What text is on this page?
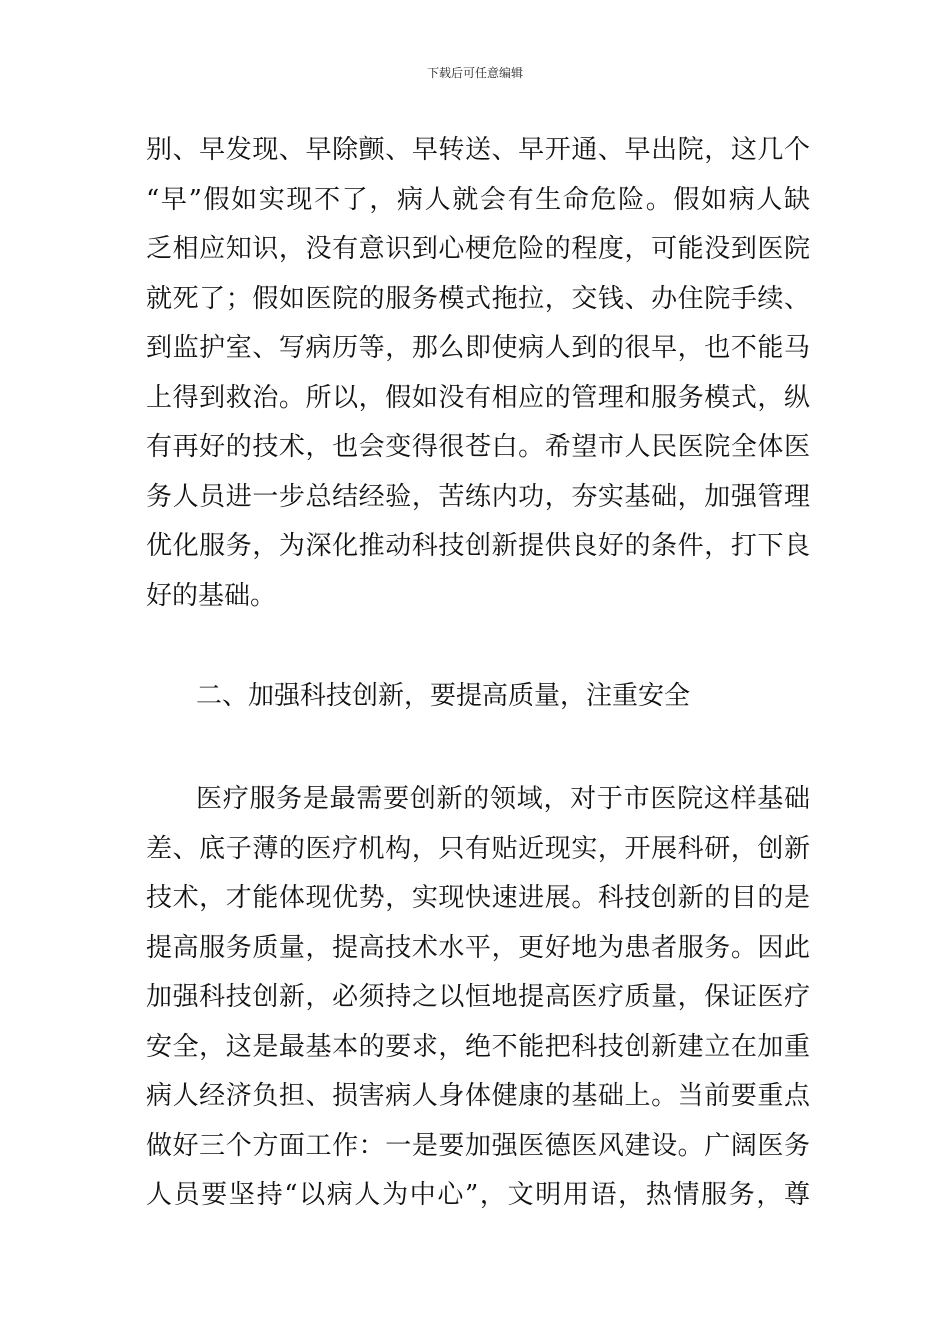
下载后可任意编辑
别、早发现、早除颤、早转送、早开通、早出院，这几个
“早”假如实现不了，病人就会有生命危险。假如病人缺
乏相应知识，没有意识到心梗危险的程度，可能没到医院
就死了；假如医院的服务模式拖拉，交钱、办住院手续、
到监护室、写病历等，那么即使病人到的很早，也不能马
上得到救治。所以，假如没有相应的管理和服务模式，纵
有再好的技术，也会变得很苍白。希望市人民医院全体医
务人员进一步总结经验，苦练内功，夯实基础，加强管理
优化服务，为深化推动科技创新提供良好的条件，打下良
好的基础。
二、加强科技创新，要提高质量，注重安全
医疗服务是最需要创新的领域，对于市医院这样基础
差、底子薄的医疗机构，只有贴近现实，开展科研，创新
技术，才能体现优势，实现快速进展。科技创新的目的是
提高服务质量，提高技术水平，更好地为患者服务。因此
加强科技创新，必须持之以恒地提高医疗质量，保证医疗
安全，这是最基本的要求，绝不能把科技创新建立在加重
病人经济负担、损害病人身体健康的基础上。当前要重点
做好三个方面工作：一是要加强医德医风建设。广阔医务
人员要坚持“以病人为中心”，文明用语，热情服务，尊
